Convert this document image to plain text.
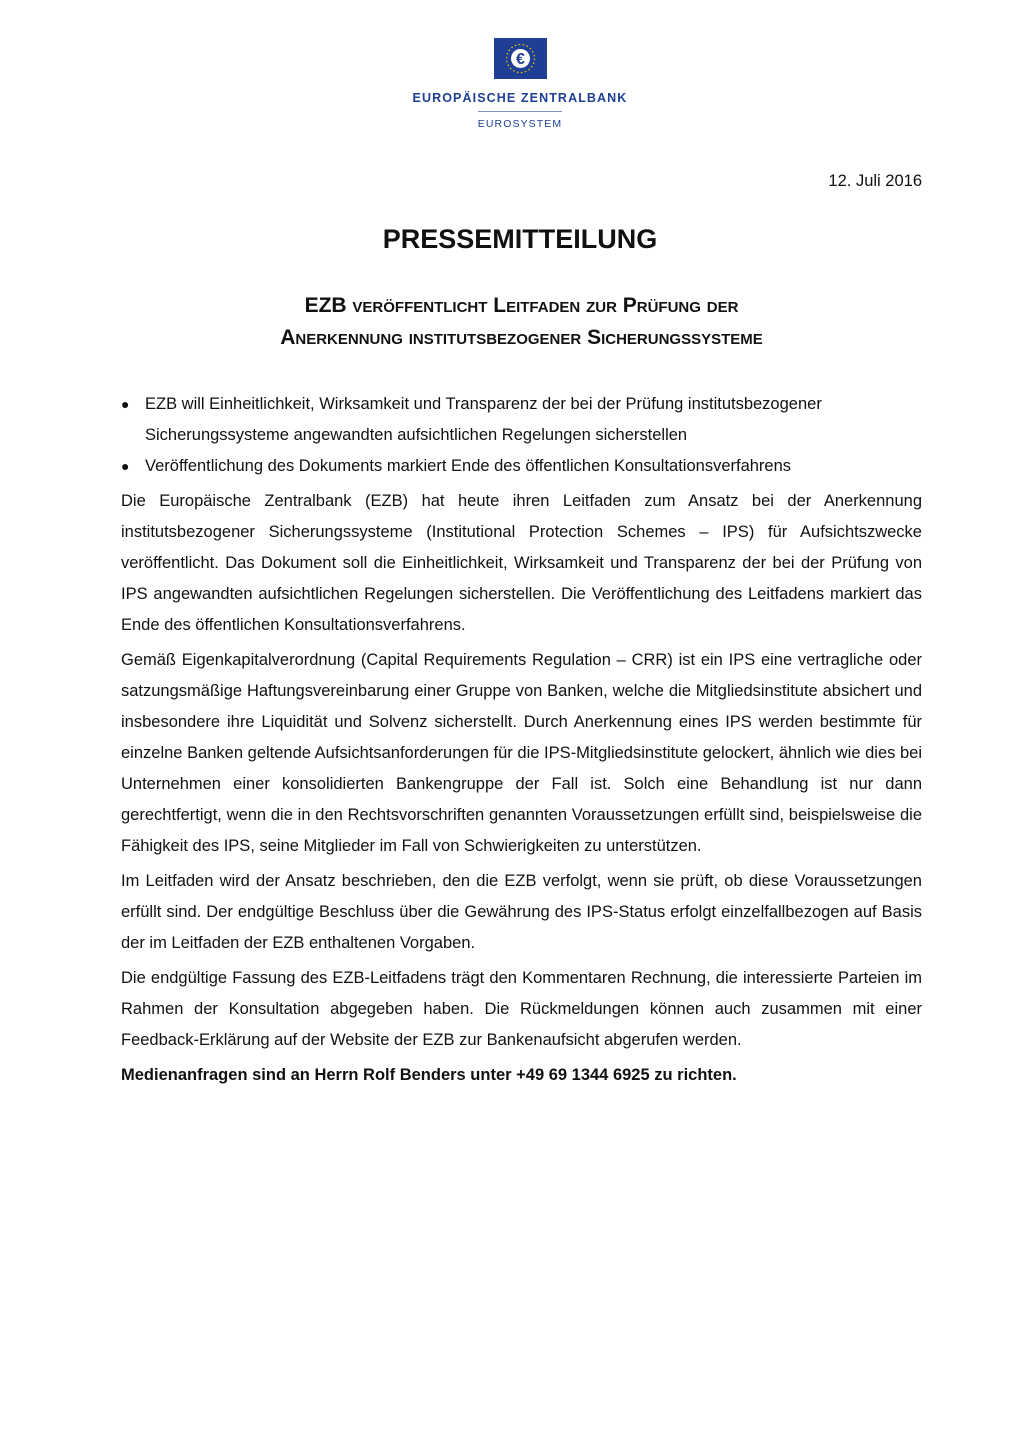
€
EUROPÄISCHE ZENTRALBANK
EUROSYSTEM
12. Juli 2016
PRESSEMITTEILUNG
EZB veröffentlicht Leitfaden zur Prüfung der
Anerkennung institutsbezogener Sicherungssysteme
● EZB will Einheitlichkeit, Wirksamkeit und Transparenz der bei der Prüfung institutsbezogener Sicherungssysteme angewandten aufsichtlichen Regelungen sicherstellen
● Veröffentlichung des Dokuments markiert Ende des öffentlichen Konsultationsverfahrens

Die Europäische Zentralbank (EZB) hat heute ihren Leitfaden zum Ansatz bei der Anerkennung institutsbezogener Sicherungssysteme (Institutional Protection Schemes – IPS) für Aufsichtszwecke veröffentlicht. Das Dokument soll die Einheitlichkeit, Wirksamkeit und Transparenz der bei der Prüfung von IPS angewandten aufsichtlichen Regelungen sicherstellen. Die Veröffentlichung des Leitfadens markiert das Ende des öffentlichen Konsultationsverfahrens.

Gemäß Eigenkapitalverordnung (Capital Requirements Regulation – CRR) ist ein IPS eine vertragliche oder satzungsmäßige Haftungsvereinbarung einer Gruppe von Banken, welche die Mitgliedsinstitute absichert und insbesondere ihre Liquidität und Solvenz sicherstellt. Durch Anerkennung eines IPS werden bestimmte für einzelne Banken geltende Aufsichtsanforderungen für die IPS-Mitgliedsinstitute gelockert, ähnlich wie dies bei Unternehmen einer konsolidierten Bankengruppe der Fall ist. Solch eine Behandlung ist nur dann gerechtfertigt, wenn die in den Rechtsvorschriften genannten Voraussetzungen erfüllt sind, beispielsweise die Fähigkeit des IPS, seine Mitglieder im Fall von Schwierigkeiten zu unterstützen.

Im Leitfaden wird der Ansatz beschrieben, den die EZB verfolgt, wenn sie prüft, ob diese Voraussetzungen erfüllt sind. Der endgültige Beschluss über die Gewährung des IPS-Status erfolgt einzelfallbezogen auf Basis der im Leitfaden der EZB enthaltenen Vorgaben.

Die endgültige Fassung des EZB-Leitfadens trägt den Kommentaren Rechnung, die interessierte Parteien im Rahmen der Konsultation abgegeben haben. Die Rückmeldungen können auch zusammen mit einer Feedback-Erklärung auf der Website der EZB zur Bankenaufsicht abgerufen werden.

Medienanfragen sind an Herrn Rolf Benders unter +49 69 1344 6925 zu richten.
